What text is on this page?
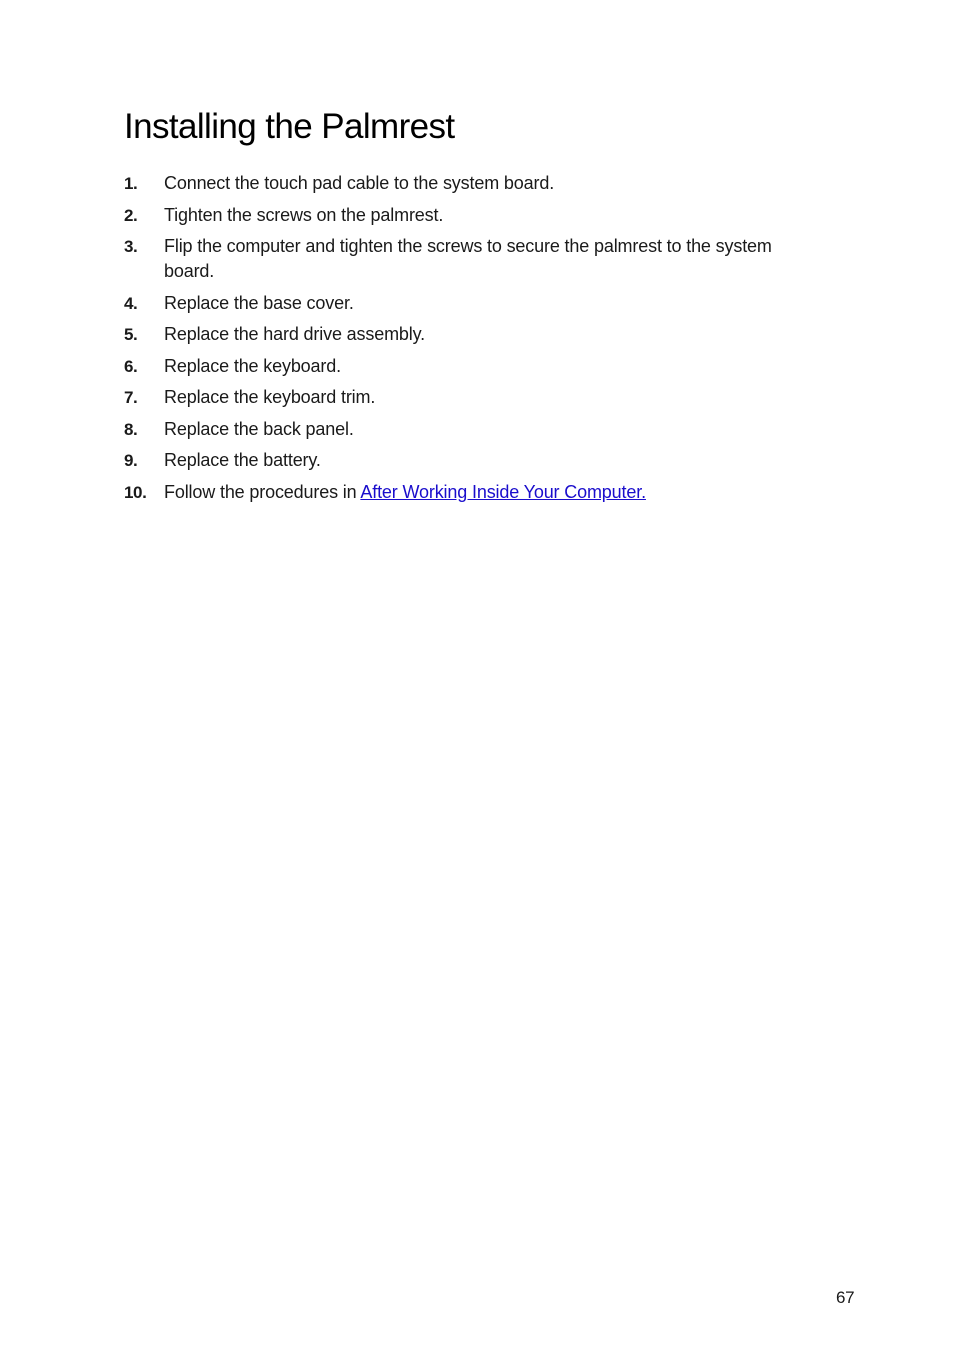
Installing the Palmrest
1. Connect the touch pad cable to the system board.
2. Tighten the screws on the palmrest.
3. Flip the computer and tighten the screws to secure the palmrest to the system board.
4. Replace the base cover.
5. Replace the hard drive assembly.
6. Replace the keyboard.
7. Replace the keyboard trim.
8. Replace the back panel.
9. Replace the battery.
10. Follow the procedures in After Working Inside Your Computer.
67
